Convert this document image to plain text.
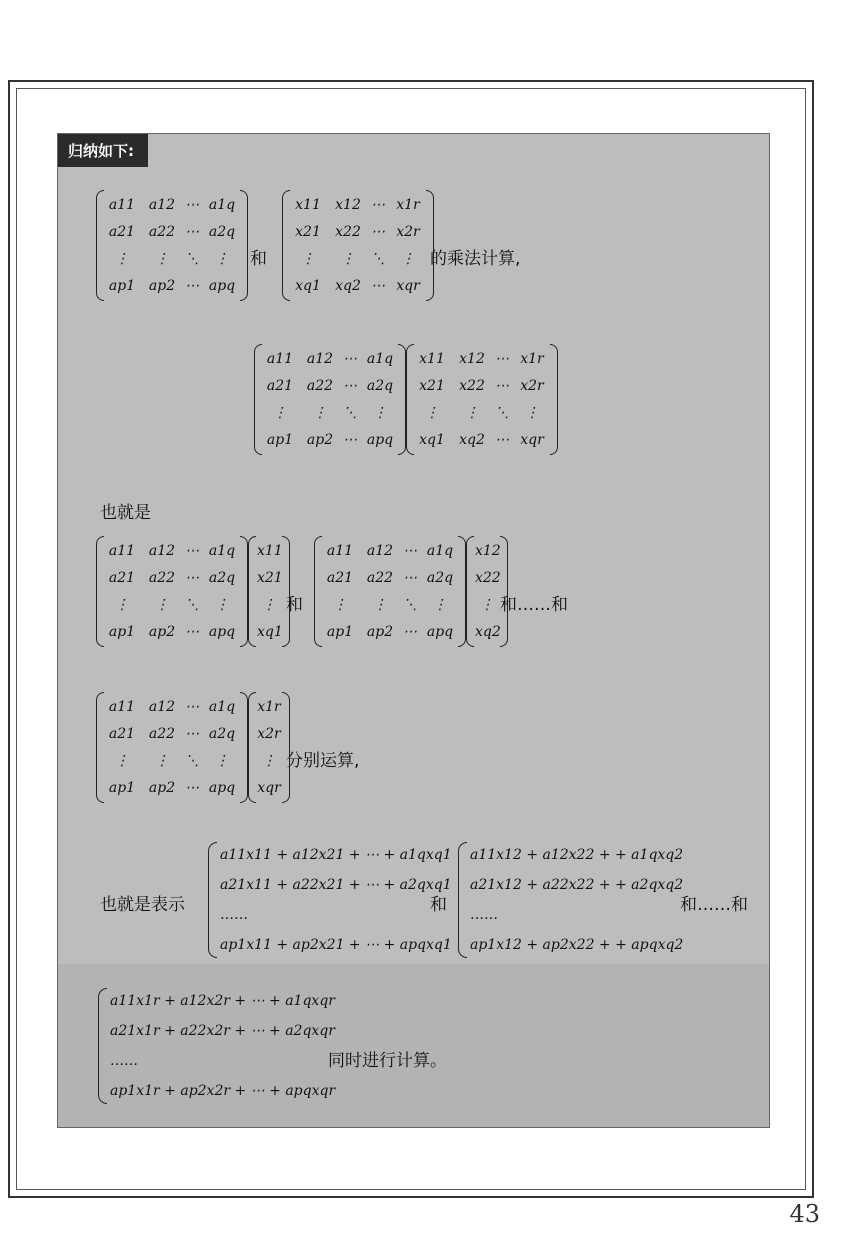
归纳如下:
a11 a12 ⋯ a1q
a21 a22 ⋯ a2q
⋮	⋮	⋱	⋮
ap1 ap2 ⋯ apq
和
x11 x12 ⋯ x1r
x21 x22 ⋯ x2r
⋮	⋮	⋱	⋮
xq1 xq2 ⋯ xqr
的乘法计算,
a11 a12 ⋯ a1q
a21 a22 ⋯ a2q
⋮	⋮	⋱	⋮
ap1 ap2 ⋯ apq
x11 x12 ⋯ x1r
x21 x22 ⋯ x2r
⋮	⋮	⋱	⋮
xq1 xq2 ⋯ xqr
也就是
a11 a12 ⋯ a1q
a21 a22 ⋯ a2q
⋮	⋮	⋱	⋮
ap1 ap2 ⋯ apq
x11
x21
⋮
xq1
和
a11 a12 ⋯ a1q
a21 a22 ⋯ a2q
⋮	⋮	⋱	⋮
ap1 ap2 ⋯ apq
x12
x22
⋮
xq2
和……和
a11 a12 ⋯ a1q
a21 a22 ⋯ a2q
⋮	⋮	⋱	⋮
ap1 ap2 ⋯ apq
x1r
x2r
⋮
xqr
分别运算,
也就是表示
a11x11 + a12x21 + ⋯ + a1qxq1
a21x11 + a22x21 + ⋯ + a2qxq1
……
ap1x11 + ap2x21 + ⋯ + apqxq1
和
a11x12 + a12x22 + + a1qxq2
a21x12 + a22x22 + + a2qxq2
……
ap1x12 + ap2x22 + + apqxq2
和……和
a11x1r + a12x2r + ⋯ + a1qxqr
a21x1r + a22x2r + ⋯ + a2qxqr
……
ap1x1r + ap2x2r + ⋯ + apqxqr
同时进行计算。
43
